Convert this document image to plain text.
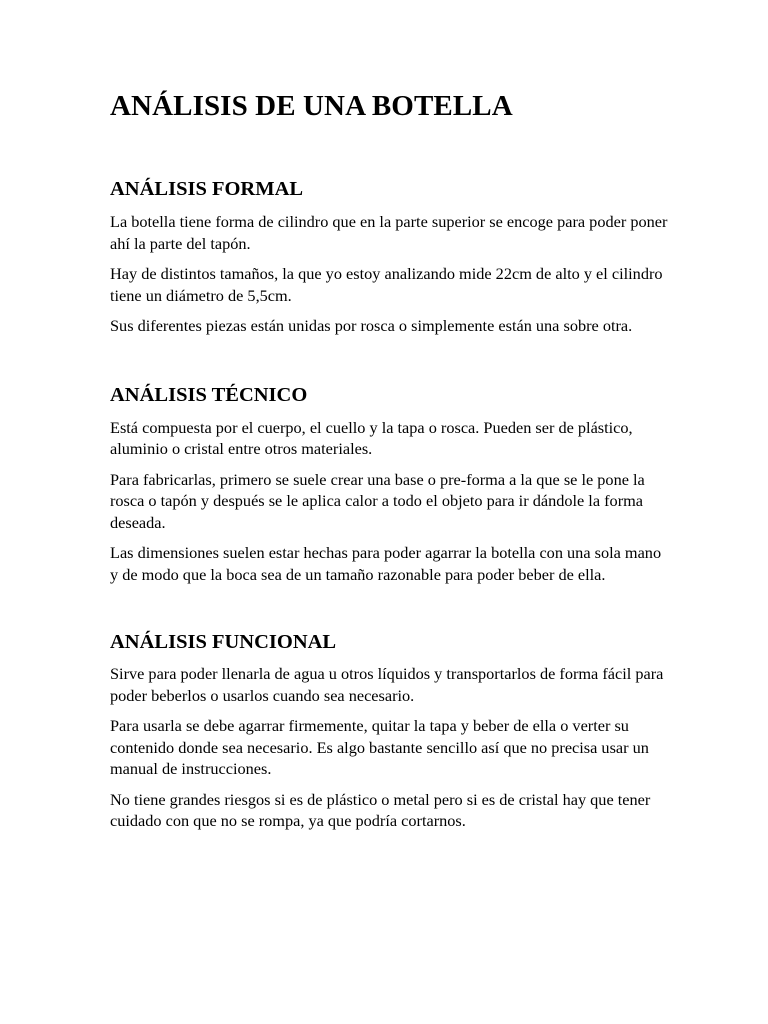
ANÁLISIS DE UNA BOTELLA
ANÁLISIS FORMAL

La botella tiene forma de cilindro que en la parte superior se encoge para poder poner ahí la parte del tapón.

Hay de distintos tamaños, la que yo estoy analizando mide 22cm de alto y el cilindro tiene un diámetro de 5,5cm.

Sus diferentes piezas están unidas por rosca o simplemente están una sobre otra.

ANÁLISIS TÉCNICO

Está compuesta por el cuerpo, el cuello y la tapa o rosca. Pueden ser de plástico, aluminio o cristal entre otros materiales.

Para fabricarlas, primero se suele crear una base o pre-forma a la que se le pone la rosca o tapón y después se le aplica calor a todo el objeto para ir dándole la forma deseada.

Las dimensiones suelen estar hechas para poder agarrar la botella con una sola mano y de modo que la boca sea de un tamaño razonable para poder beber de ella.

ANÁLISIS FUNCIONAL

Sirve para poder llenarla de agua u otros líquidos y transportarlos de forma fácil para poder beberlos o usarlos cuando sea necesario.

Para usarla se debe agarrar firmemente, quitar la tapa y beber de ella o verter su contenido donde sea necesario. Es algo bastante sencillo así que no precisa usar un manual de instrucciones.

No tiene grandes riesgos si es de plástico o metal pero si es de cristal hay que tener cuidado con que no se rompa, ya que podría cortarnos.
